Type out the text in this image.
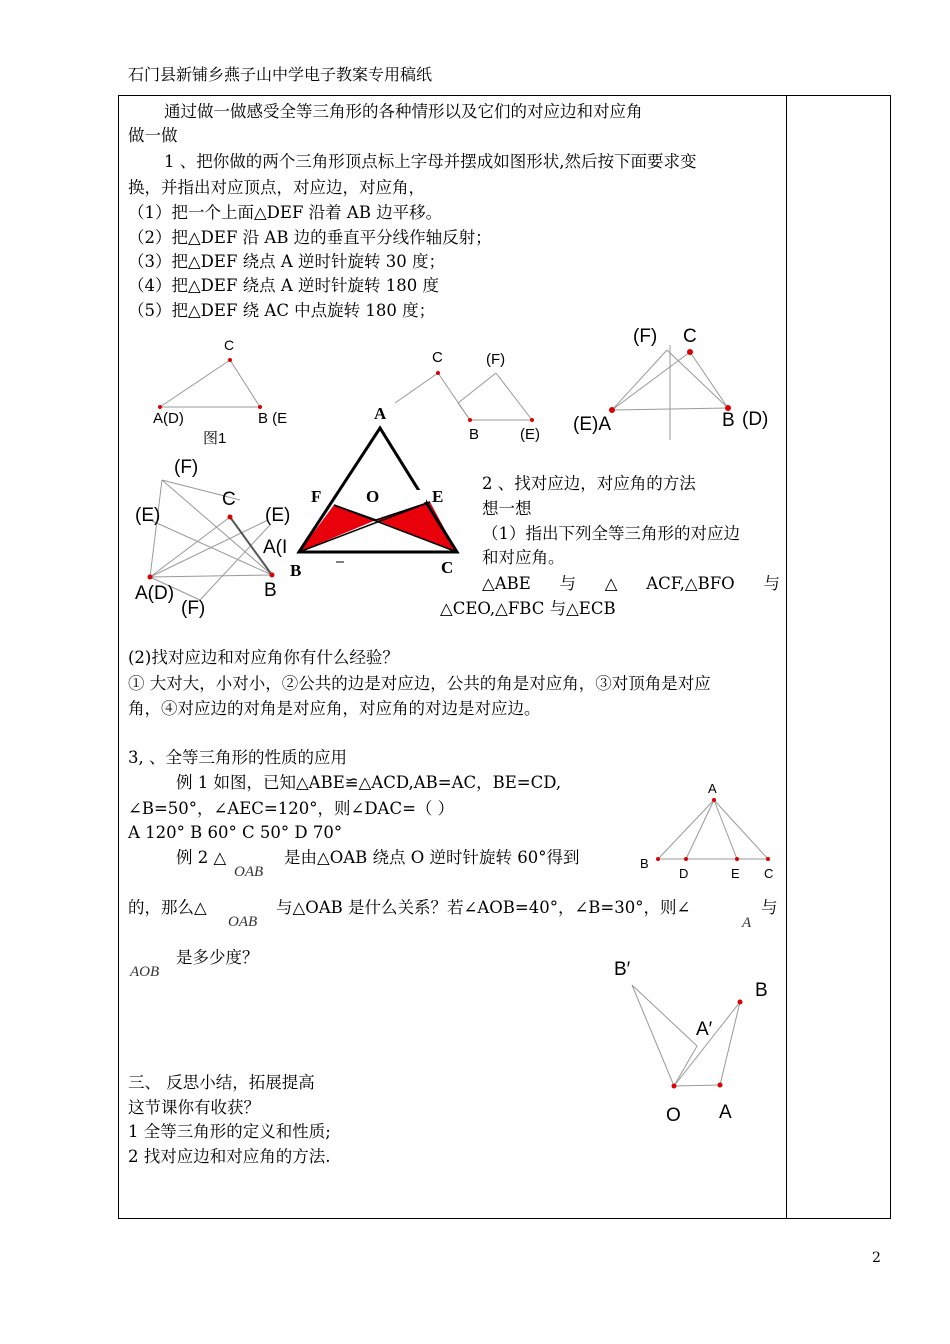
石门县新铺乡燕子山中学电子教案专用稿纸
通过做一做感受全等三角形的各种情形以及它们的对应边和对应角
做一做
1 、把你做的两个三角形顶点标上字母并摆成如图形状,然后按下面要求变
换，并指出对应顶点，对应边，对应角，
（1）把一个上面△DEF 沿着 AB 边平移。
（2）把△DEF 沿 AB 边的垂直平分线作轴反射；
（3）把△DEF 绕点 A 逆时针旋转 30 度；
（4）把△DEF 绕点 A 逆时针旋转 180 度
（5）把△DEF 绕 AC 中点旋转 180 度；
C
A(D)	B (E
图1
C	(F)
B	(E)
(F) C
(E)A	B (D)
(F)
C
(E)	(E)
A(I
A(D)	B
(F)
A
F	O	E
B	C
2 、找对应边，对应角的方法
想一想
（1）指出下列全等三角形的对应边
和对应角。
△ABE 与 △ ACF,△BFO 与
△CEO,△FBC 与△ECB
(2)找对应边和对应角你有什么经验？
① 大对大，小对小，②公共的边是对应边，公共的角是对应角，③对顶角是对应
角，④对应边的对角是对应角，对应角的对边是对应边。
3, 、全等三角形的性质的应用
例 1 如图，已知△ABE≌△ACD,AB=AC，BE=CD,
∠B=50°，∠AEC=120°，则∠DAC=（ ）
A 120° B 60° C 50° D 70°
例 2 △
OAB
是由△OAB 绕点 O 逆时针旋转 60°得到
的，那么△
OAB
与△OAB 是什么关系？若∠AOB=40°，∠B=30°，则∠
A
与
AOB
是多少度？
A
B
D	E C
B′
B
A′
O A
三、 反思小结，拓展提高
这节课你有收获？
1 全等三角形的定义和性质;
2 找对应边和对应角的方法.
2
